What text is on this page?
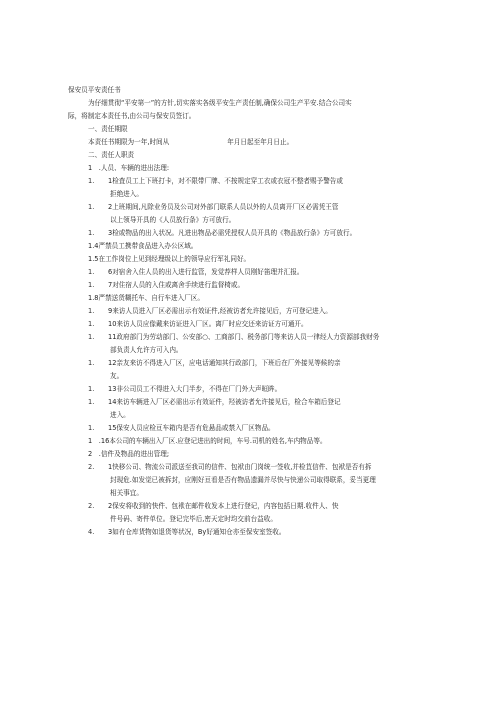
保安员平安责任书
为仔细贯彻“平安第一”的方针,切实落实各级平安生产责任制,确保公司生产平安.结合公司实
际，将制定本责任书,由公司与保安员签订。
一、责任期限
本责任书期限为一年,时间从	年月日起至年月日止。
二、责任人职责
1　.人员、车辆的进出法理:
1. 1检査员工上下班打卡，对不限带厂牌、不按规定穿工衣或衣冠不整者赐予警告或
拒绝进入。
1. 2上班期间,凡除业务员及公司对外部门联系人员以外的人员离开厂区必需凭王管
以上领导开具的《人员放行条》方可放行。
1. 3检或物品的出入状况。凡进出物品必需凭授权人员开具的《物品放行条》方可放行。
1.4严禁员工携带食品进入办公区域。
1.5在工作岗位上见到经理级以上的领导应行军礼同好。
1. 6对宿舍入住人员的出入进行监管，发觉荐样人员刚好笛理并汇报。
1. 7对住宿人员的入住或离舍手续进行监督椅或。
1.8严禁送货糊托车、自行车进入厂区。
1. 9来访人员进入厂区必需出示有效证件,经被访者允许接见后，方可登记进入。
1. 10来访人员应像戴来访证进入厂区。离厂时应交还来访证方可通开。
1. 11政府部门为劳动部门、公安部○、工商部门、税务部门等来访人员一律经人力资源部我财务
部负责人允许方可入内。
1. 12亲友来访不得进入厂区，应电话通知其行政部门，下班后在厂外接见等候的亲
友。
1. 13非公司员工不得进入大门半步，不得在厂门外大声晅眸。
1. 14来访车辆进入厂区必需出示有效证件，羟被访者允许接见后，检合车箱后登记
进入。
1. 15保安人员应检亘车箱内是否有危悬品或禁入厂区物品。
1　.16本公司的车辆出入厂区.应登记进出的时间，车号.司机的姓名,车内物品等。
2　.信件及物品的进出管理;
2. 1快移公司、物流公司派送至我司的信件、包袱由门岗统一签收,并检苴信件、包袱是否有拆
封现危.如发觉已被拆封，应刚好亘看是否有物品遗漏并尽快与快递公司取得联系，妥当更理
相关事宜。
2. 2保安将收到的快件、包袱在邮件收发本上进行登记，内容包括日期.收件人、快
件号码、寄件单位。登记完毕后,密天定时均交前台益收。
4. 3如有仓库货物如退货等状况，By好通知仓亦至保安室签收。
